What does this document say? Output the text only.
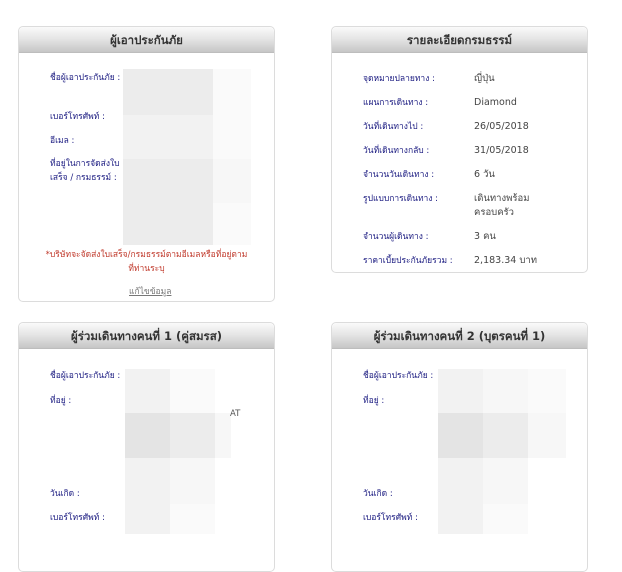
ผู้เอาประกันภัย
ชื่อผู้เอาประกันภัย :
เบอร์โทรศัพท์ :
อีเมล :
ที่อยู่ในการจัดส่งใบ
เสร็จ / กรมธรรม์ :
*บริษัทจะจัดส่งใบเสร็จ/กรมธรรม์ตามอีเมลหรือที่อยู่ตาม
ที่ท่านระบุ
แก้ไขข้อมูล
รายละเอียดกรมธรรม์
จุดหมายปลายทาง :	ญี่ปุ่น
แผนการเดินทาง :	Diamond
วันที่เดินทางไป :	26/05/2018
วันที่เดินทางกลับ :	31/05/2018
จำนวนวันเดินทาง :	6 วัน
รูปแบบการเดินทาง :	เดินทางพร้อม
ครอบครัว
จำนวนผู้เดินทาง :	3 คน
ราคาเบี้ยประกันภัยรวม : 2,183.34 บาท
ผู้ร่วมเดินทางคนที่ 1 (คู่สมรส)
ชื่อผู้เอาประกันภัย :
ที่อยู่ :
วันเกิด :
เบอร์โทรศัพท์ :
AT
ผู้ร่วมเดินทางคนที่ 2 (บุตรคนที่ 1)
ชื่อผู้เอาประกันภัย :
ที่อยู่ :
วันเกิด :
เบอร์โทรศัพท์ :
